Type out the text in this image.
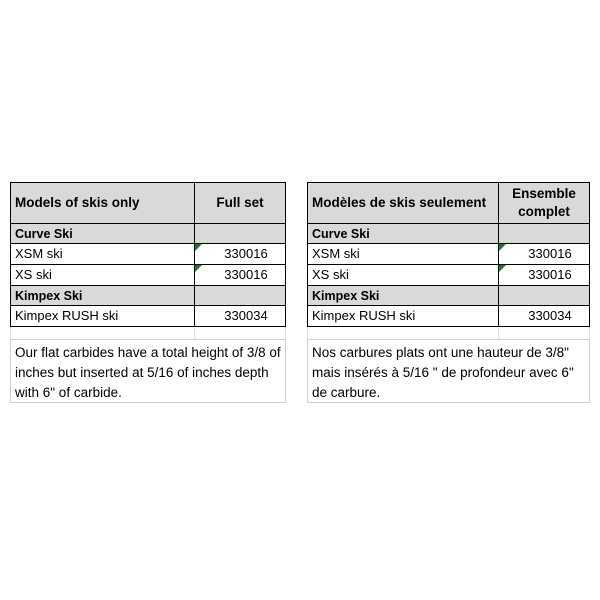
Models of skis only	Full set
Curve Ski	
XSM ski	330016
XS ski	330016
Kimpex Ski	
Kimpex RUSH ski	330034

Our flat carbides have a total height of 3/8 of inches but inserted at 5/16 of inches depth with 6" of carbide.
Modèles de skis seulement	Ensemble complet
Curve Ski	
XSM ski	330016
XS ski	330016
Kimpex Ski	
Kimpex RUSH ski	330034

Nos carbures plats ont une hauteur de 3/8" mais insérés à 5/16 " de profondeur avec 6" de carbure.
